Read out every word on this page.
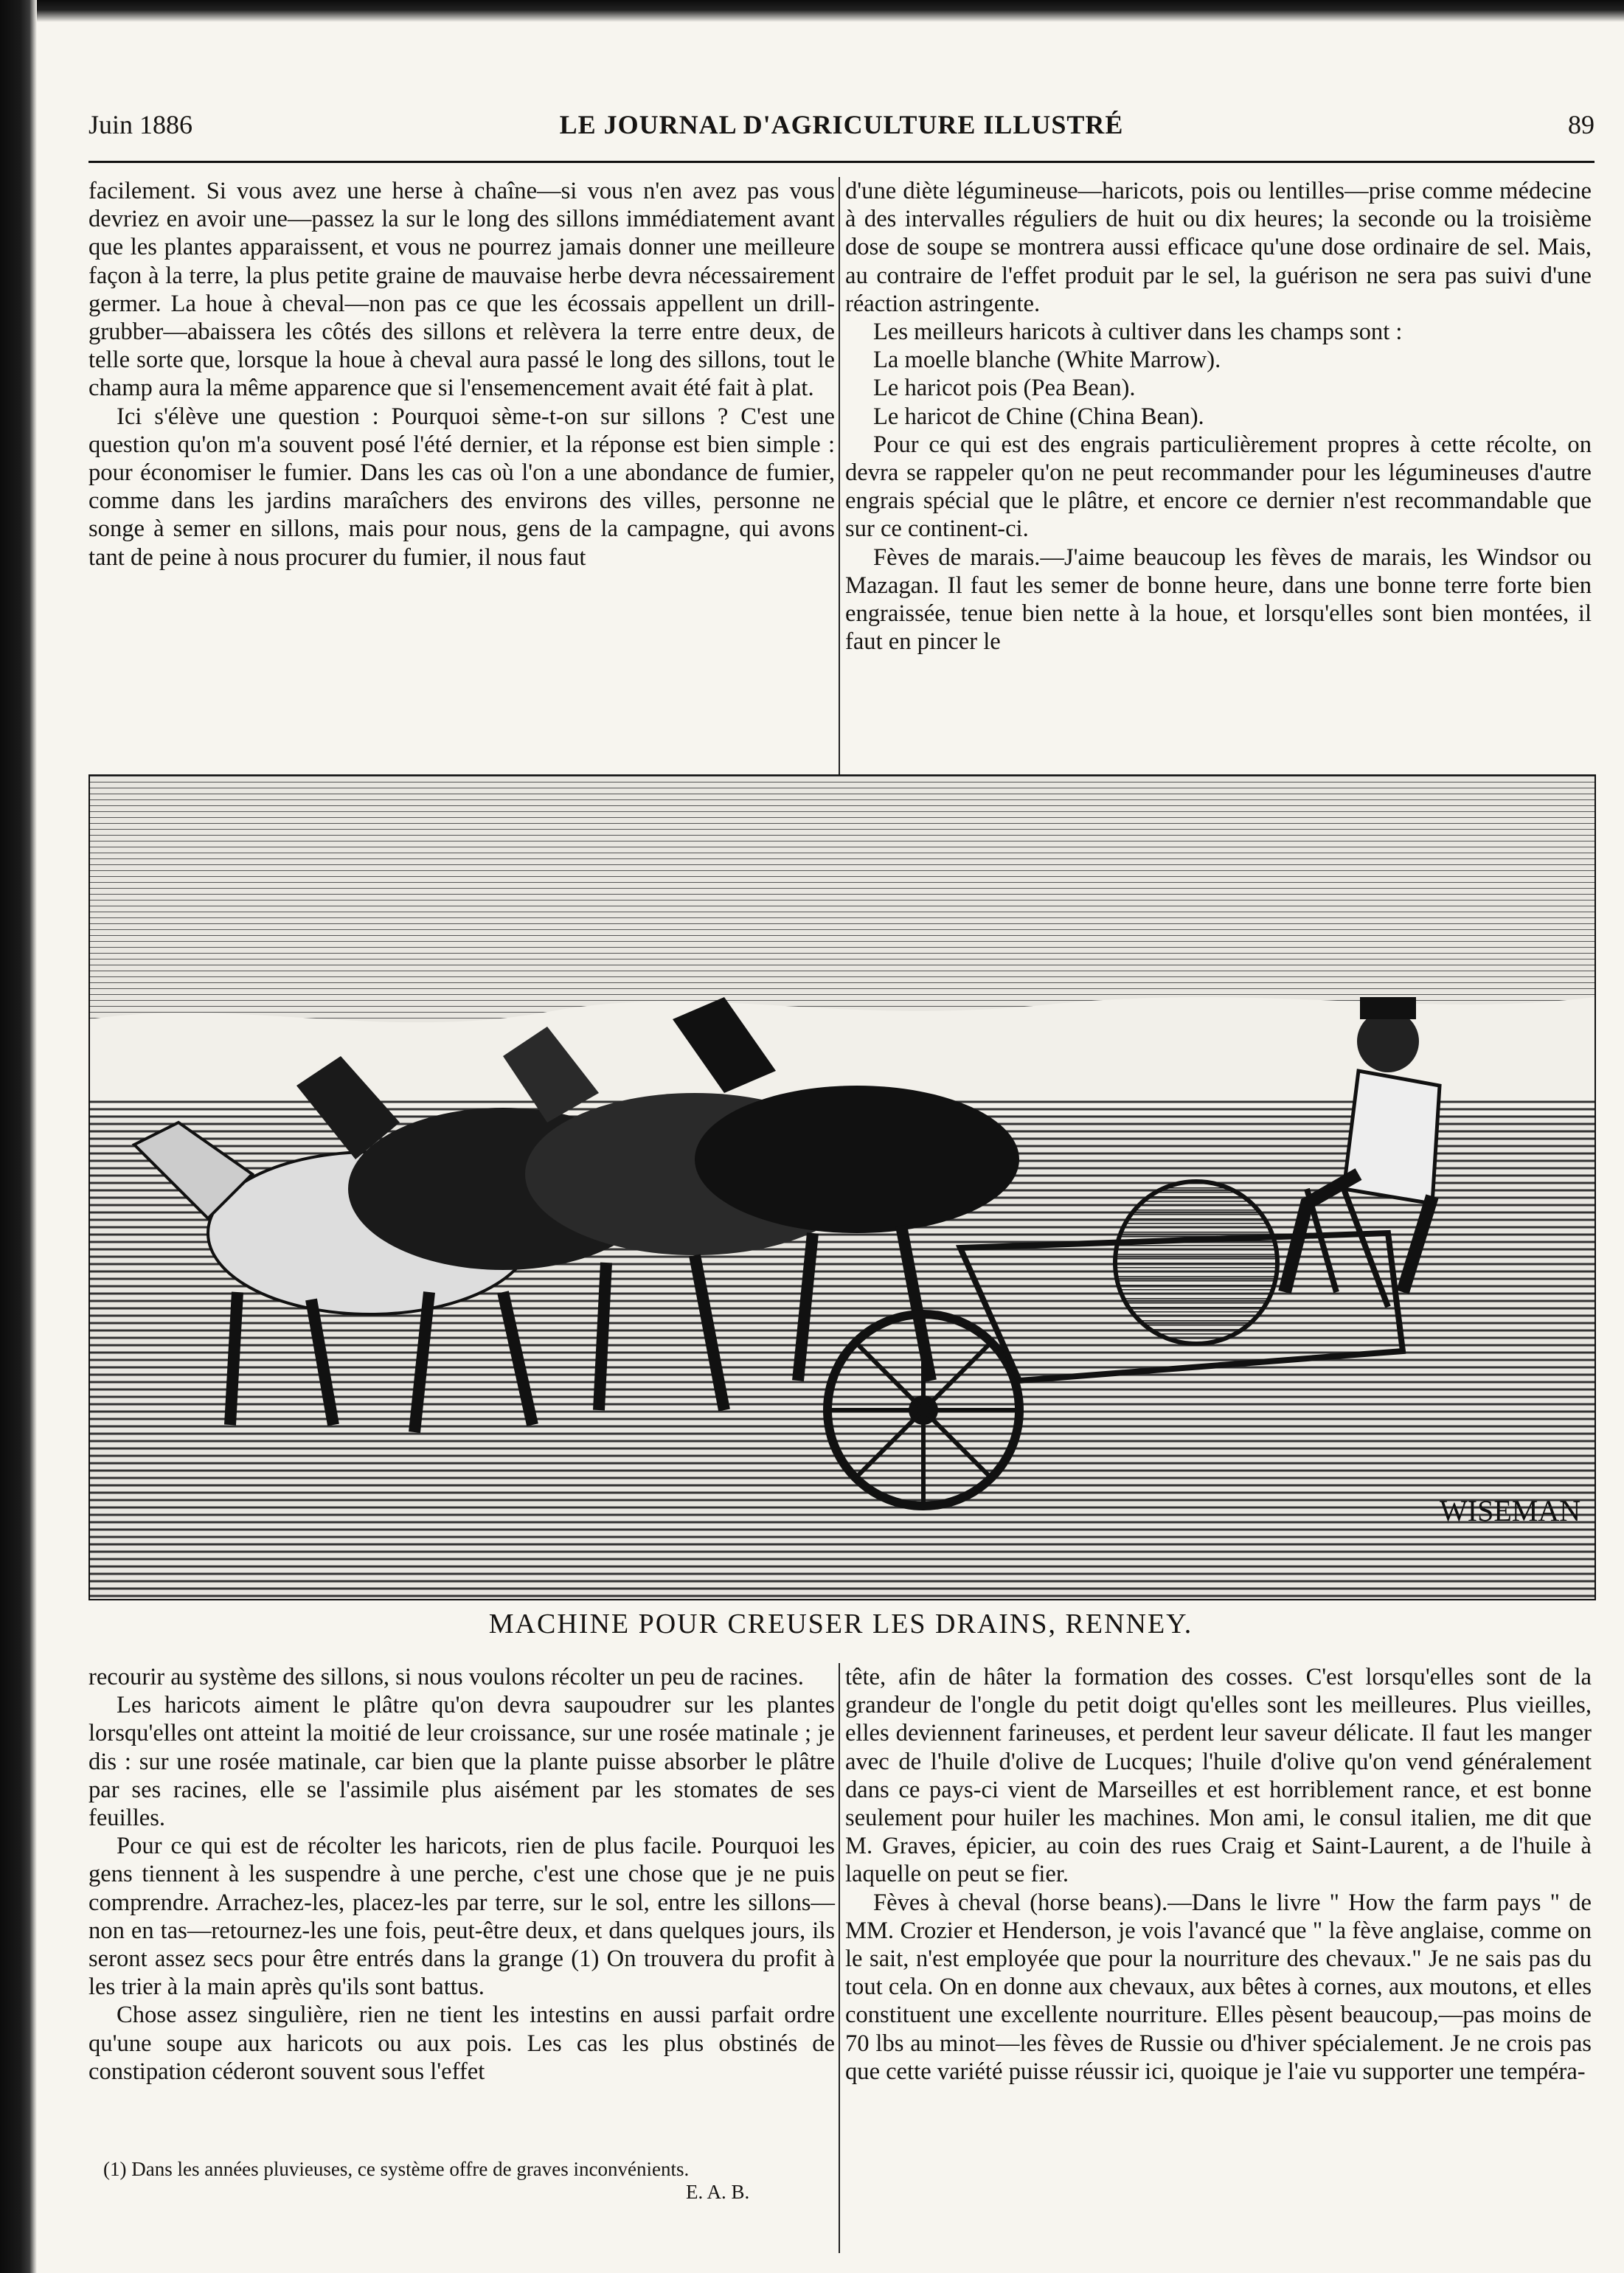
Juin 1886	LE JOURNAL D'AGRICULTURE ILLUSTRÉ	89

facilement. Si vous avez une herse à chaîne—si vous n'en avez pas vous devriez en avoir une—passez la sur le long des sillons immédiatement avant que les plantes apparaissent, et vous ne pourrez jamais donner une meilleure façon à la terre, la plus petite graine de mauvaise herbe devra nécessairement germer. La houe à cheval—non pas ce que les écossais appellent un drill-grubber—abaissera les côtés des sillons et relèvera la terre entre deux, de telle sorte que, lorsque la houe à cheval aura passé le long des sillons, tout le champ aura la même apparence que si l'ensemencement avait été fait à plat.

Ici s'élève une question : Pourquoi sème-t-on sur sillons ? C'est une question qu'on m'a souvent posé l'été dernier, et la réponse est bien simple : pour économiser le fumier. Dans les cas où l'on a une abondance de fumier, comme dans les jardins maraîchers des environs des villes, personne ne songe à semer en sillons, mais pour nous, gens de la campagne, qui avons tant de peine à nous procurer du fumier, il nous faut

d'une diète légumineuse—haricots, pois ou lentilles—prise comme médecine à des intervalles réguliers de huit ou dix heures; la seconde ou la troisième dose de soupe se montrera aussi efficace qu'une dose ordinaire de sel. Mais, au contraire de l'effet produit par le sel, la guérison ne sera pas suivi d'une réaction astringente.

Les meilleurs haricots à cultiver dans les champs sont :

La moelle blanche (White Marrow).

Le haricot pois (Pea Bean).

Le haricot de Chine (China Bean).

Pour ce qui est des engrais particulièrement propres à cette récolte, on devra se rappeler qu'on ne peut recommander pour les légumineuses d'autre engrais spécial que le plâtre, et encore ce dernier n'est recommandable que sur ce continent-ci.

Fèves de marais.—J'aime beaucoup les fèves de marais, les Windsor ou Mazagan. Il faut les semer de bonne heure, dans une bonne terre forte bien engraissée, tenue bien nette à la houe, et lorsqu'elles sont bien montées, il faut en pincer le

WISEMAN
MACHINE POUR CREUSER LES DRAINS, RENNEY.

recourir au système des sillons, si nous voulons récolter un peu de racines.

Les haricots aiment le plâtre qu'on devra saupoudrer sur les plantes lorsqu'elles ont atteint la moitié de leur croissance, sur une rosée matinale ; je dis : sur une rosée matinale, car bien que la plante puisse absorber le plâtre par ses racines, elle se l'assimile plus aisément par les stomates de ses feuilles.

Pour ce qui est de récolter les haricots, rien de plus facile. Pourquoi les gens tiennent à les suspendre à une perche, c'est une chose que je ne puis comprendre. Arrachez-les, placez-les par terre, sur le sol, entre les sillons—non en tas—retournez-les une fois, peut-être deux, et dans quelques jours, ils seront assez secs pour être entrés dans la grange (1) On trouvera du profit à les trier à la main après qu'ils sont battus.

Chose assez singulière, rien ne tient les intestins en aussi parfait ordre qu'une soupe aux haricots ou aux pois. Les cas les plus obstinés de constipation céderont souvent sous l'effet

(1) Dans les années pluvieuses, ce système offre de graves inconvénients.
E. A. B.

tête, afin de hâter la formation des cosses. C'est lorsqu'elles sont de la grandeur de l'ongle du petit doigt qu'elles sont les meilleures. Plus vieilles, elles deviennent farineuses, et perdent leur saveur délicate. Il faut les manger avec de l'huile d'olive de Lucques; l'huile d'olive qu'on vend généralement dans ce pays-ci vient de Marseilles et est horriblement rance, et est bonne seulement pour huiler les machines. Mon ami, le consul italien, me dit que M. Graves, épicier, au coin des rues Craig et Saint-Laurent, a de l'huile à laquelle on peut se fier.

Fèves à cheval (horse beans).—Dans le livre " How the farm pays " de MM. Crozier et Henderson, je vois l'avancé que " la fève anglaise, comme on le sait, n'est employée que pour la nourriture des chevaux." Je ne sais pas du tout cela. On en donne aux chevaux, aux bêtes à cornes, aux moutons, et elles constituent une excellente nourriture. Elles pèsent beaucoup,—pas moins de 70 lbs au minot—les fèves de Russie ou d'hiver spécialement. Je ne crois pas que cette variété puisse réussir ici, quoique je l'aie vu supporter une tempéra-
